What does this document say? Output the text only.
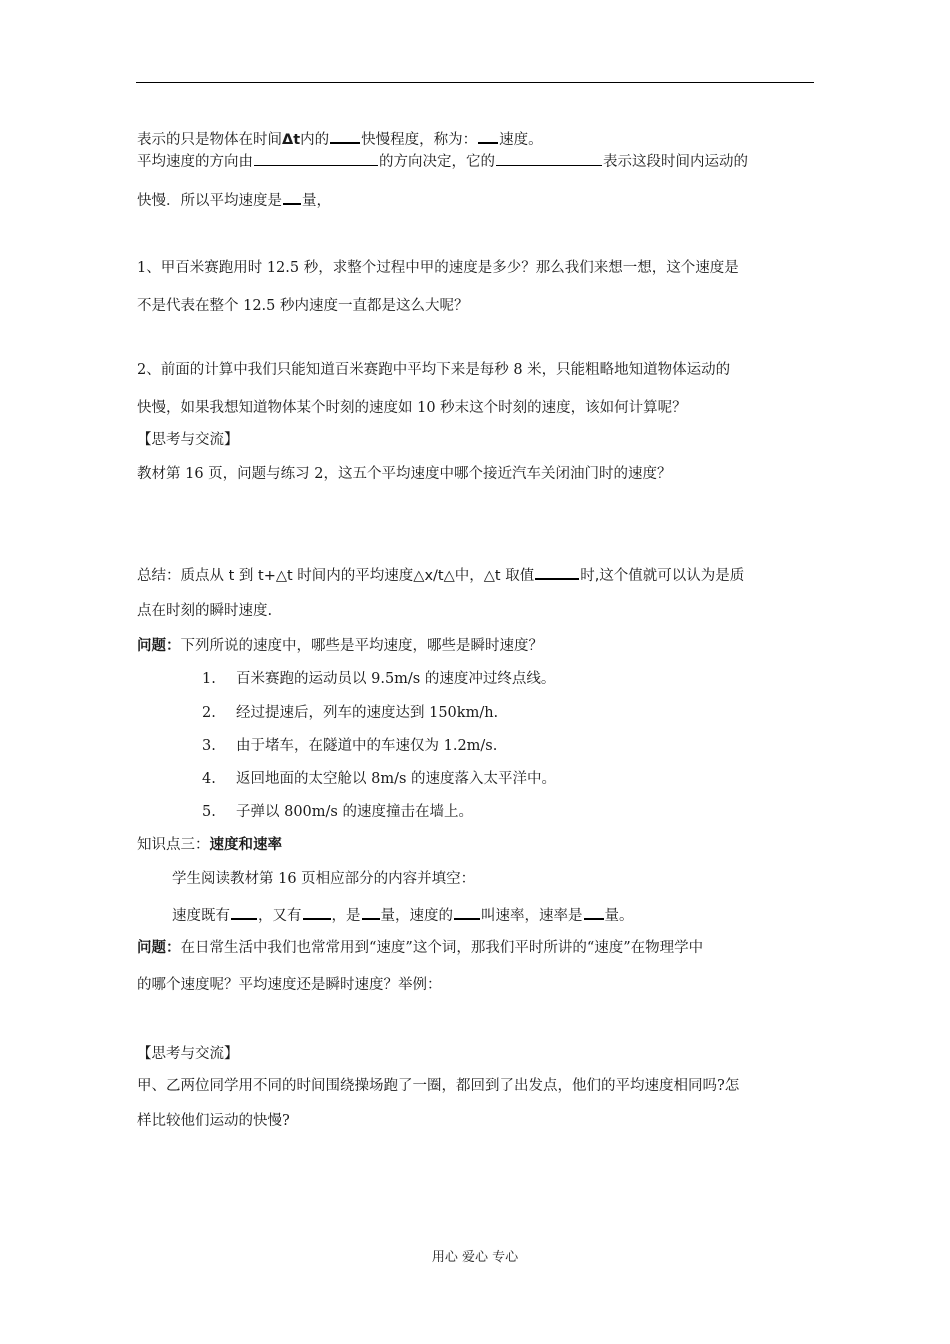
表示的只是物体在时间Δt内的 快慢程度，称为： 速度。
平均速度的方向由	的方向决定，它的	表示这段时间内运动的
快慢．所以平均速度是 量，
1、甲百米赛跑用时 12.5 秒，求整个过程中甲的速度是多少？那么我们来想一想，这个速度是
不是代表在整个 12.5 秒内速度一直都是这么大呢？
2、前面的计算中我们只能知道百米赛跑中平均下来是每秒 8 米，只能粗略地知道物体运动的
快慢，如果我想知道物体某个时刻的速度如 10 秒末这个时刻的速度，该如何计算呢？
【思考与交流】
教材第 16 页，问题与练习 2，这五个平均速度中哪个接近汽车关闭油门时的速度？
总结：质点从 t 到 t+△t 时间内的平均速度△x/t△中，△t 取值	时,这个值就可以认为是质
点在时刻的瞬时速度.
问题：下列所说的速度中，哪些是平均速度，哪些是瞬时速度？
1. 百米赛跑的运动员以 9.5m/s 的速度冲过终点线。
2. 经过提速后，列车的速度达到 150km/h.
3. 由于堵车，在隧道中的车速仅为 1.2m/s.
4. 返回地面的太空舱以 8m/s 的速度落入太平洋中。
5. 子弹以 800m/s 的速度撞击在墙上。
知识点三：速度和速率
学生阅读教材第 16 页相应部分的内容并填空：
速度既有 ，又有 ，是 量，速度的 叫速率，速率是 量。
问题：在日常生活中我们也常常用到“速度”这个词，那我们平时所讲的“速度”在物理学中
的哪个速度呢？平均速度还是瞬时速度？举例：
【思考与交流】
甲、乙两位同学用不同的时间围绕操场跑了一圈，都回到了出发点，他们的平均速度相同吗?怎
样比较他们运动的快慢?
用心 爱心 专心
